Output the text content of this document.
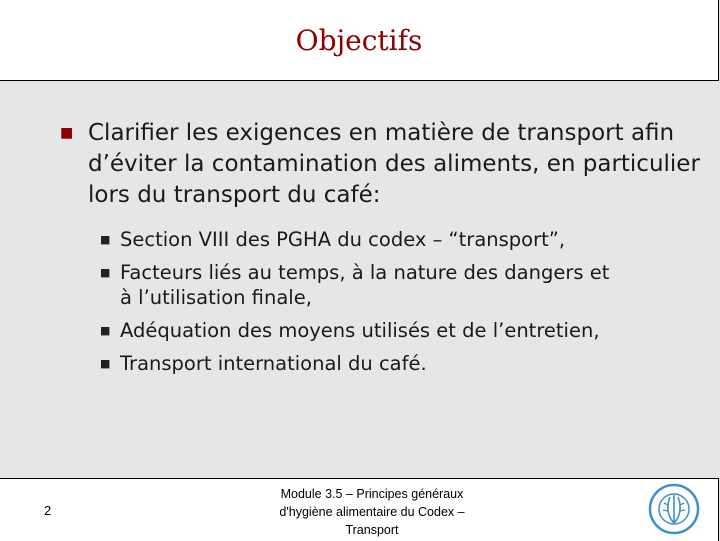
Objectifs
■ Clarifier les exigences en matière de transport afin d’éviter la contamination des aliments, en particulier lors du transport du café:
■ Section VIII des PGHA du codex – “transport”,
■ Facteurs liés au temps, à la nature des dangers et
à l’utilisation finale,
■ Adéquation des moyens utilisés et de l’entretien,
■ Transport international du café.
2
Module 3.5 – Principes généraux
d'hygiène alimentaire du Codex –
Transport
